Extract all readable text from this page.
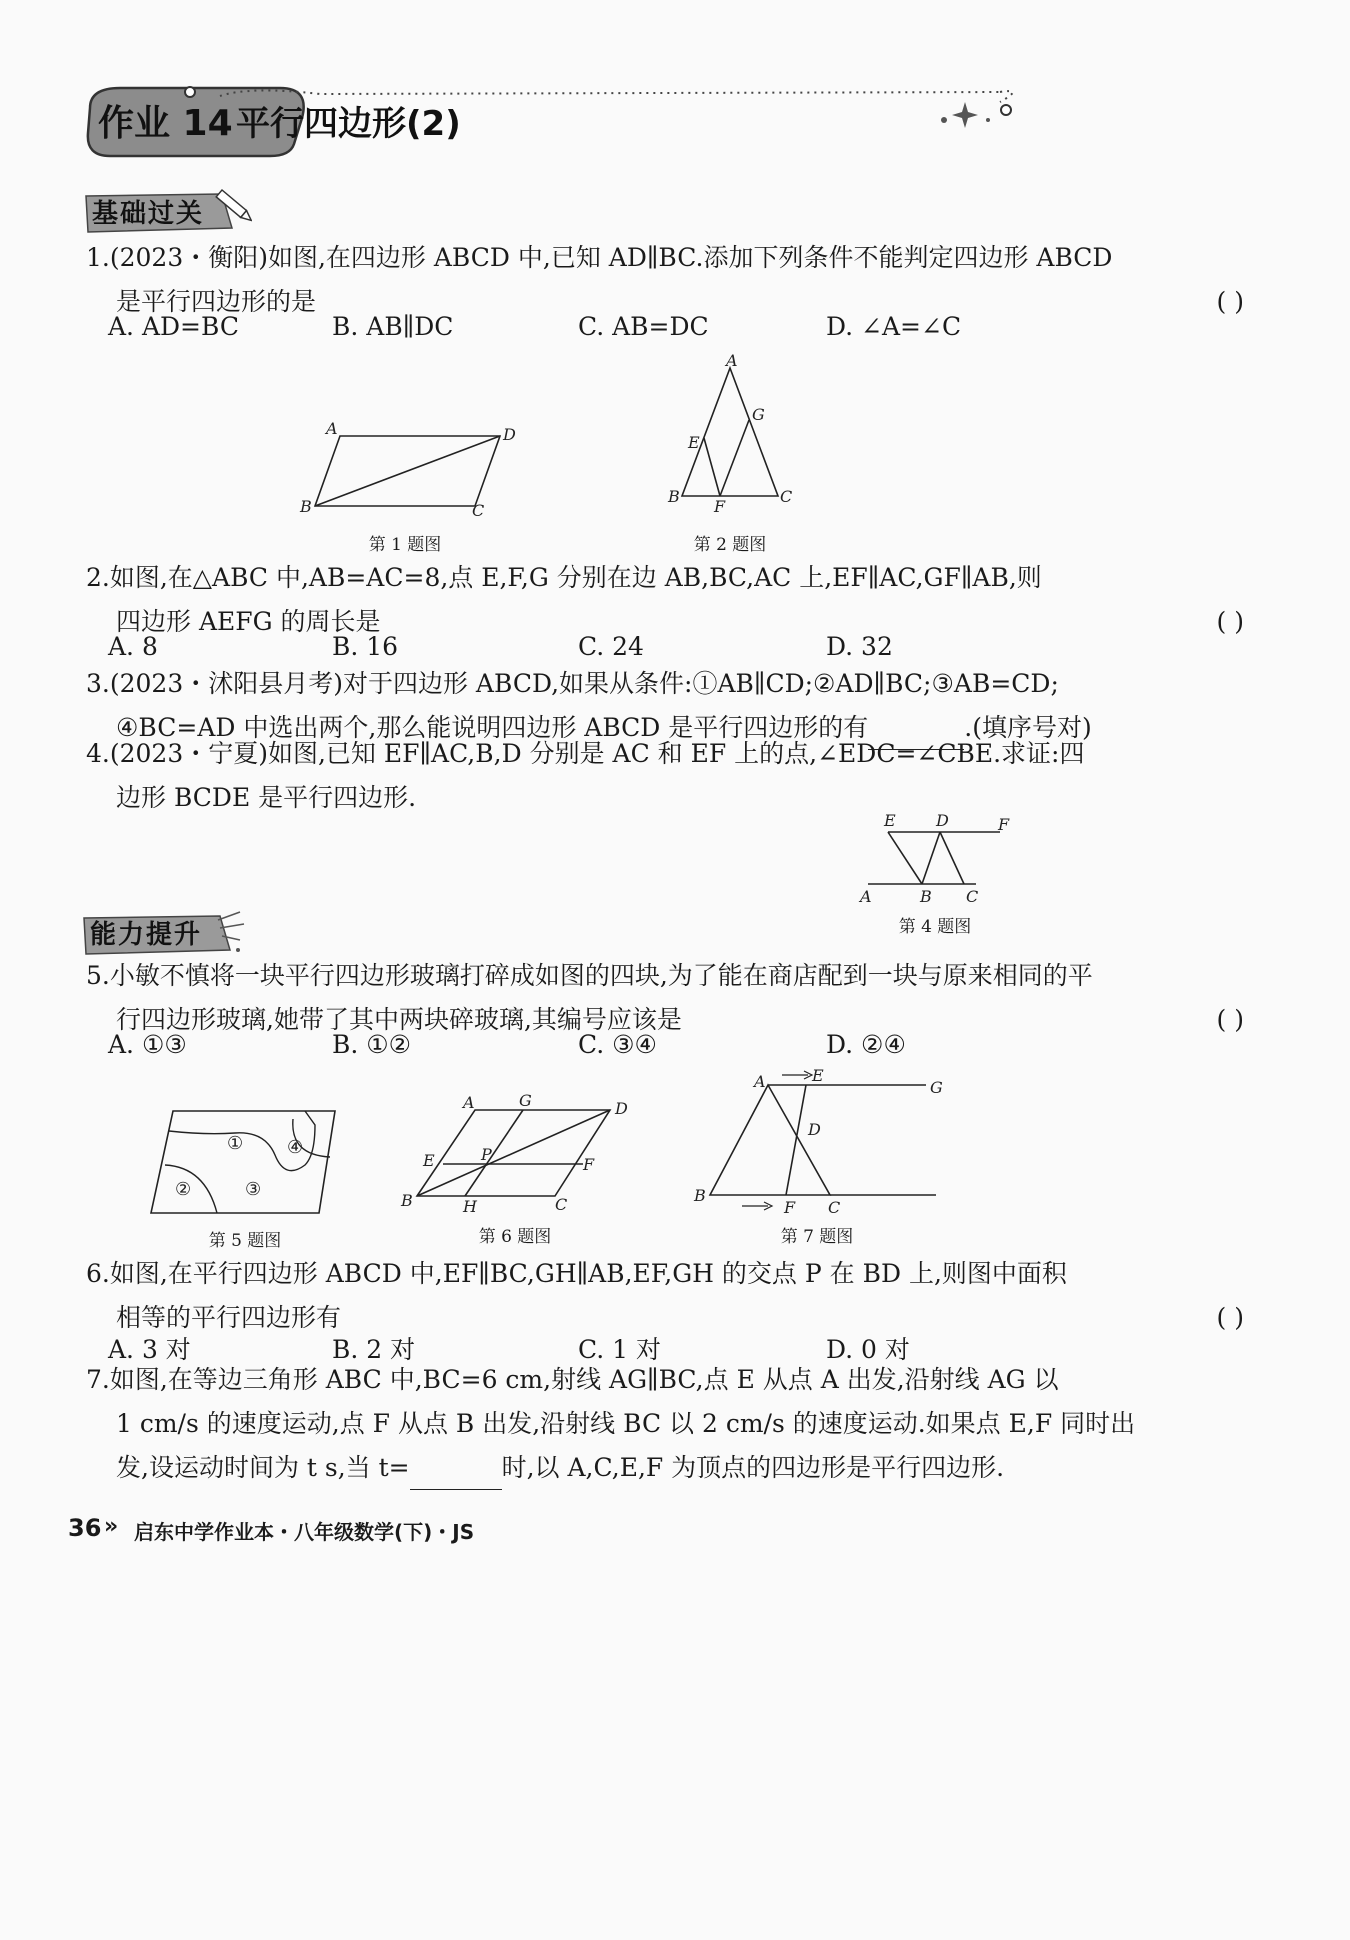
作业 14 平行四边形(2)
基础过关
1.(2023・衡阳)如图,在四边形 ABCD 中,已知 AD∥BC.添加下列条件不能判定四边形 ABCD
是平行四边形的是	( )
A. AD=BC	B. AB∥DC	C. AB=DC	D. ∠A=∠C
A
B	C
D
第 1 题图
A
B	C
E
F
G
第 2 题图
2.如图,在△ABC 中,AB=AC=8,点 E,F,G 分别在边 AB,BC,AC 上,EF∥AC,GF∥AB,则
四边形 AEFG 的周长是	( )
A. 8	B. 16	C. 24	D. 32
3.(2023・沭阳县月考)对于四边形 ABCD,如果从条件:①AB∥CD;②AD∥BC;③AB=CD;
④BC=AD 中选出两个,那么能说明四边形 ABCD 是平行四边形的有	.(填序号对)
4.(2023・宁夏)如图,已知 EF∥AC,B,D 分别是 AC 和 EF 上的点,∠EDC=∠CBE.求证:四
边形 BCDE 是平行四边形.
A	B C
D
E	F
第 4 题图
能力提升
5.小敏不慎将一块平行四边形玻璃打碎成如图的四块,为了能在商店配到一块与原来相同的平
行四边形玻璃,她带了其中两块碎玻璃,其编号应该是	( )
A. ①③	B. ①②	C. ③④	D. ②④
①
②	③
④
第 5 题图
A
B	C
D
E	F
G
H
P
第 6 题图
A
B
C
D
E
F
G
第 7 题图
6.如图,在平行四边形 ABCD 中,EF∥BC,GH∥AB,EF,GH 的交点 P 在 BD 上,则图中面积
相等的平行四边形有	( )
A. 3 对	B. 2 对	C. 1 对	D. 0 对
7.如图,在等边三角形 ABC 中,BC=6 cm,射线 AG∥BC,点 E 从点 A 出发,沿射线 AG 以
1 cm/s 的速度运动,点 F 从点 B 出发,沿射线 BC 以 2 cm/s 的速度运动.如果点 E,F 同时出
发,设运动时间为 t s,当 t=	时,以 A,C,E,F 为顶点的四边形是平行四边形.
36 » 启东中学作业本・八年级数学(下)・JS
